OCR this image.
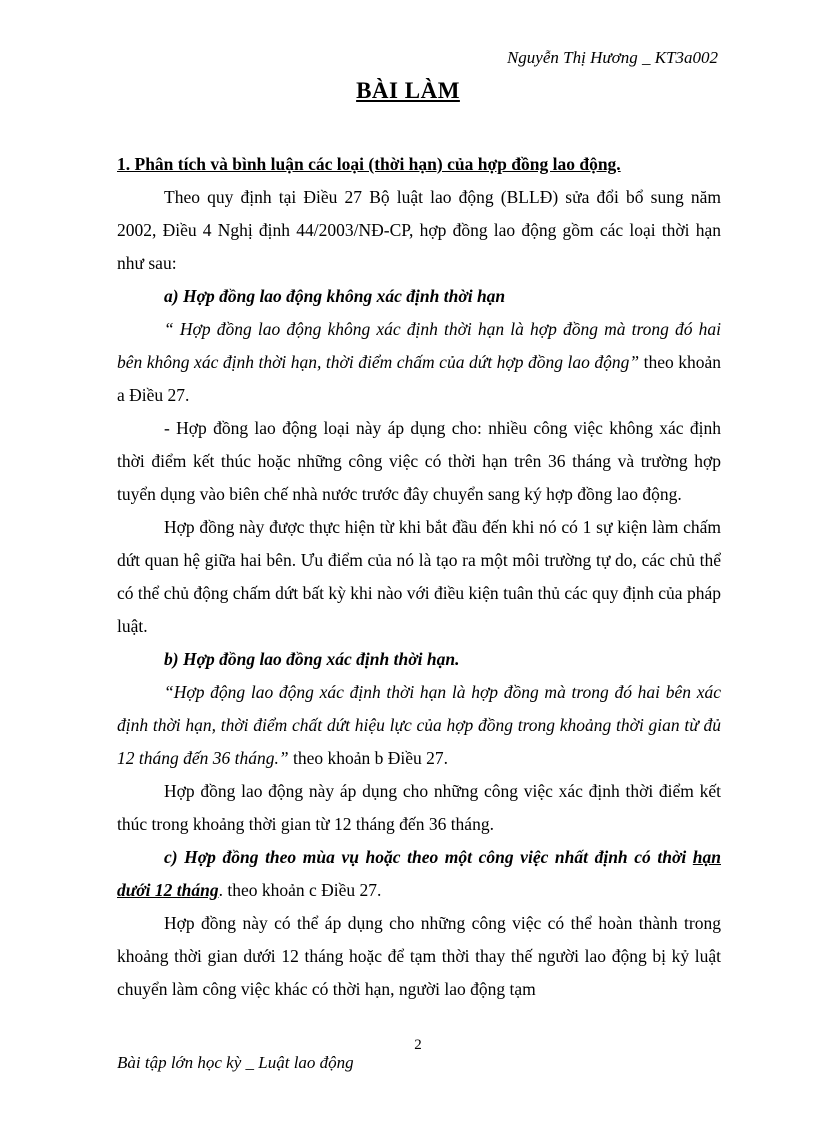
Nguyễn Thị Hương _ KT3a002
BÀI LÀM

1. Phân tích và bình luận các loại (thời hạn) của hợp đồng lao động.

Theo quy định tại Điều 27 Bộ luật lao động (BLLĐ) sửa đổi bổ sung năm 2002, Điều 4 Nghị định 44/2003/NĐ-CP, hợp đồng lao động gồm các loại thời hạn như sau:

a) Hợp đồng lao động không xác định thời hạn

“ Hợp đồng lao động không xác định thời hạn là hợp đồng mà trong đó hai bên không xác định thời hạn, thời điểm chấm của dứt hợp đồng lao động” theo khoản a Điều 27.

- Hợp đồng lao động loại này áp dụng cho: nhiều công việc không xác định thời điểm kết thúc hoặc những công việc có thời hạn trên 36 tháng và trường hợp tuyển dụng vào biên chế nhà nước trước đây chuyển sang ký hợp đồng lao động.

Hợp đồng này được thực hiện từ khi bắt đầu đến khi nó có 1 sự kiện làm chấm dứt quan hệ giữa hai bên. Ưu điểm của nó là tạo ra một môi trường tự do, các chủ thể có thể chủ động chấm dứt bất kỳ khi nào với điều kiện tuân thủ các quy định của pháp luật.

b) Hợp đồng lao đồng xác định thời hạn.

“Hợp động lao động xác định thời hạn là hợp đồng mà trong đó hai bên xác định thời hạn, thời điểm chất dứt hiệu lực của hợp đồng trong khoảng thời gian từ đủ 12 tháng đến 36 tháng.” theo khoản b Điều 27.

Hợp đồng lao động này áp dụng cho những công việc xác định thời điểm kết thúc trong khoảng thời gian từ 12 tháng đến 36 tháng.

c) Hợp đồng theo mùa vụ hoặc theo một công việc nhất định có thời hạn dưới 12 tháng. theo khoản c Điều 27.

Hợp đồng này có thể áp dụng cho những công việc có thể hoàn thành trong khoảng thời gian dưới 12 tháng hoặc để tạm thời thay thế người lao động bị kỷ luật chuyển làm công việc khác có thời hạn, người lao động tạm

2
Bài tập lớn học kỳ _ Luật lao động
